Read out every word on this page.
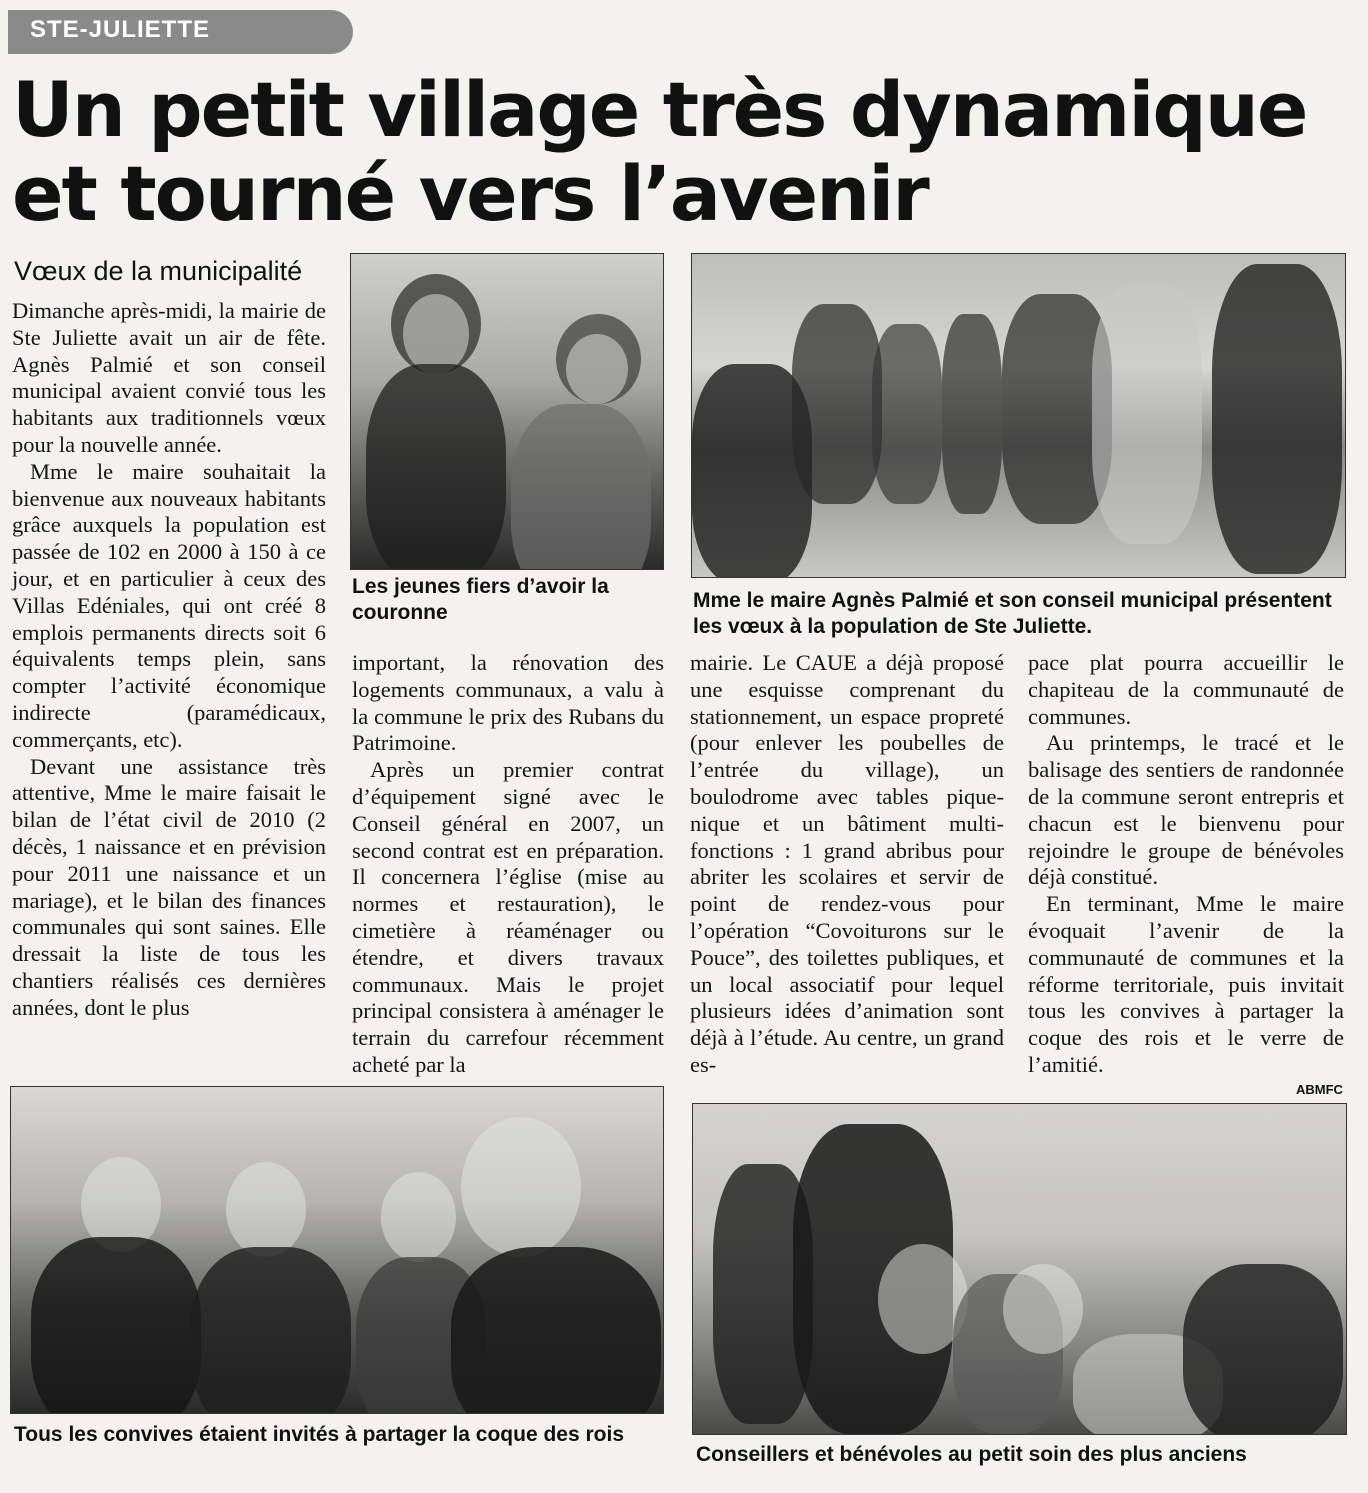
STE-JULIETTE
Un petit village très dynamique
et tourné vers l’avenir
Vœux de la municipalité

Dimanche après-midi, la mairie de Ste Juliette avait un air de fête. Agnès Palmié et son conseil municipal avaient convié tous les habitants aux traditionnels vœux pour la nouvelle année.

Mme le maire souhaitait la bienvenue aux nouveaux habitants grâce auxquels la population est passée de 102 en 2000 à 150 à ce jour, et en particulier à ceux des Villas Edéniales, qui ont créé 8 emplois permanents directs soit 6 équivalents temps plein, sans compter l’activité économique indirecte (paramédicaux, commerçants, etc).

Devant une assistance très attentive, Mme le maire faisait le bilan de l’état civil de 2010 (2 décès, 1 naissance et en prévision pour 2011 une naissance et un mariage), et le bilan des finances communales qui sont saines. Elle dressait la liste de tous les chantiers réalisés ces dernières années, dont le plus

Les jeunes fiers d’avoir la couronne
Mme le maire Agnès Palmié et son conseil municipal présentent les vœux à la population de Ste Juliette.

important, la rénovation des logements communaux, a valu à la commune le prix des Rubans du Patrimoine.

Après un premier contrat d’équipement signé avec le Conseil général en 2007, un second contrat est en préparation. Il concernera l’église (mise au normes et restauration), le cimetière à réaménager ou étendre, et divers travaux communaux. Mais le projet principal consistera à aménager le terrain du carrefour récemment acheté par la

mairie. Le CAUE a déjà proposé une esquisse comprenant du stationnement, un espace propreté (pour enlever les poubelles de l’entrée du village), un boulodrome avec tables pique-nique et un bâtiment multi-fonctions : 1 grand abribus pour abriter les scolaires et servir de point de rendez-vous pour l’opération “Covoiturons sur le Pouce”, des toilettes publiques, et un local associatif pour lequel plusieurs idées d’animation sont déjà à l’étude. Au centre, un grand es-

pace plat pourra accueillir le chapiteau de la communauté de communes.

Au printemps, le tracé et le balisage des sentiers de randonnée de la commune seront entrepris et chacun est le bienvenu pour rejoindre le groupe de bénévoles déjà constitué.

En terminant, Mme le maire évoquait l’avenir de la communauté de communes et la réforme territoriale, puis invitait tous les convives à partager la coque des rois et le verre de l’amitié.

ABMFC
Tous les convives étaient invités à partager la coque des rois
Conseillers et bénévoles au petit soin des plus anciens
